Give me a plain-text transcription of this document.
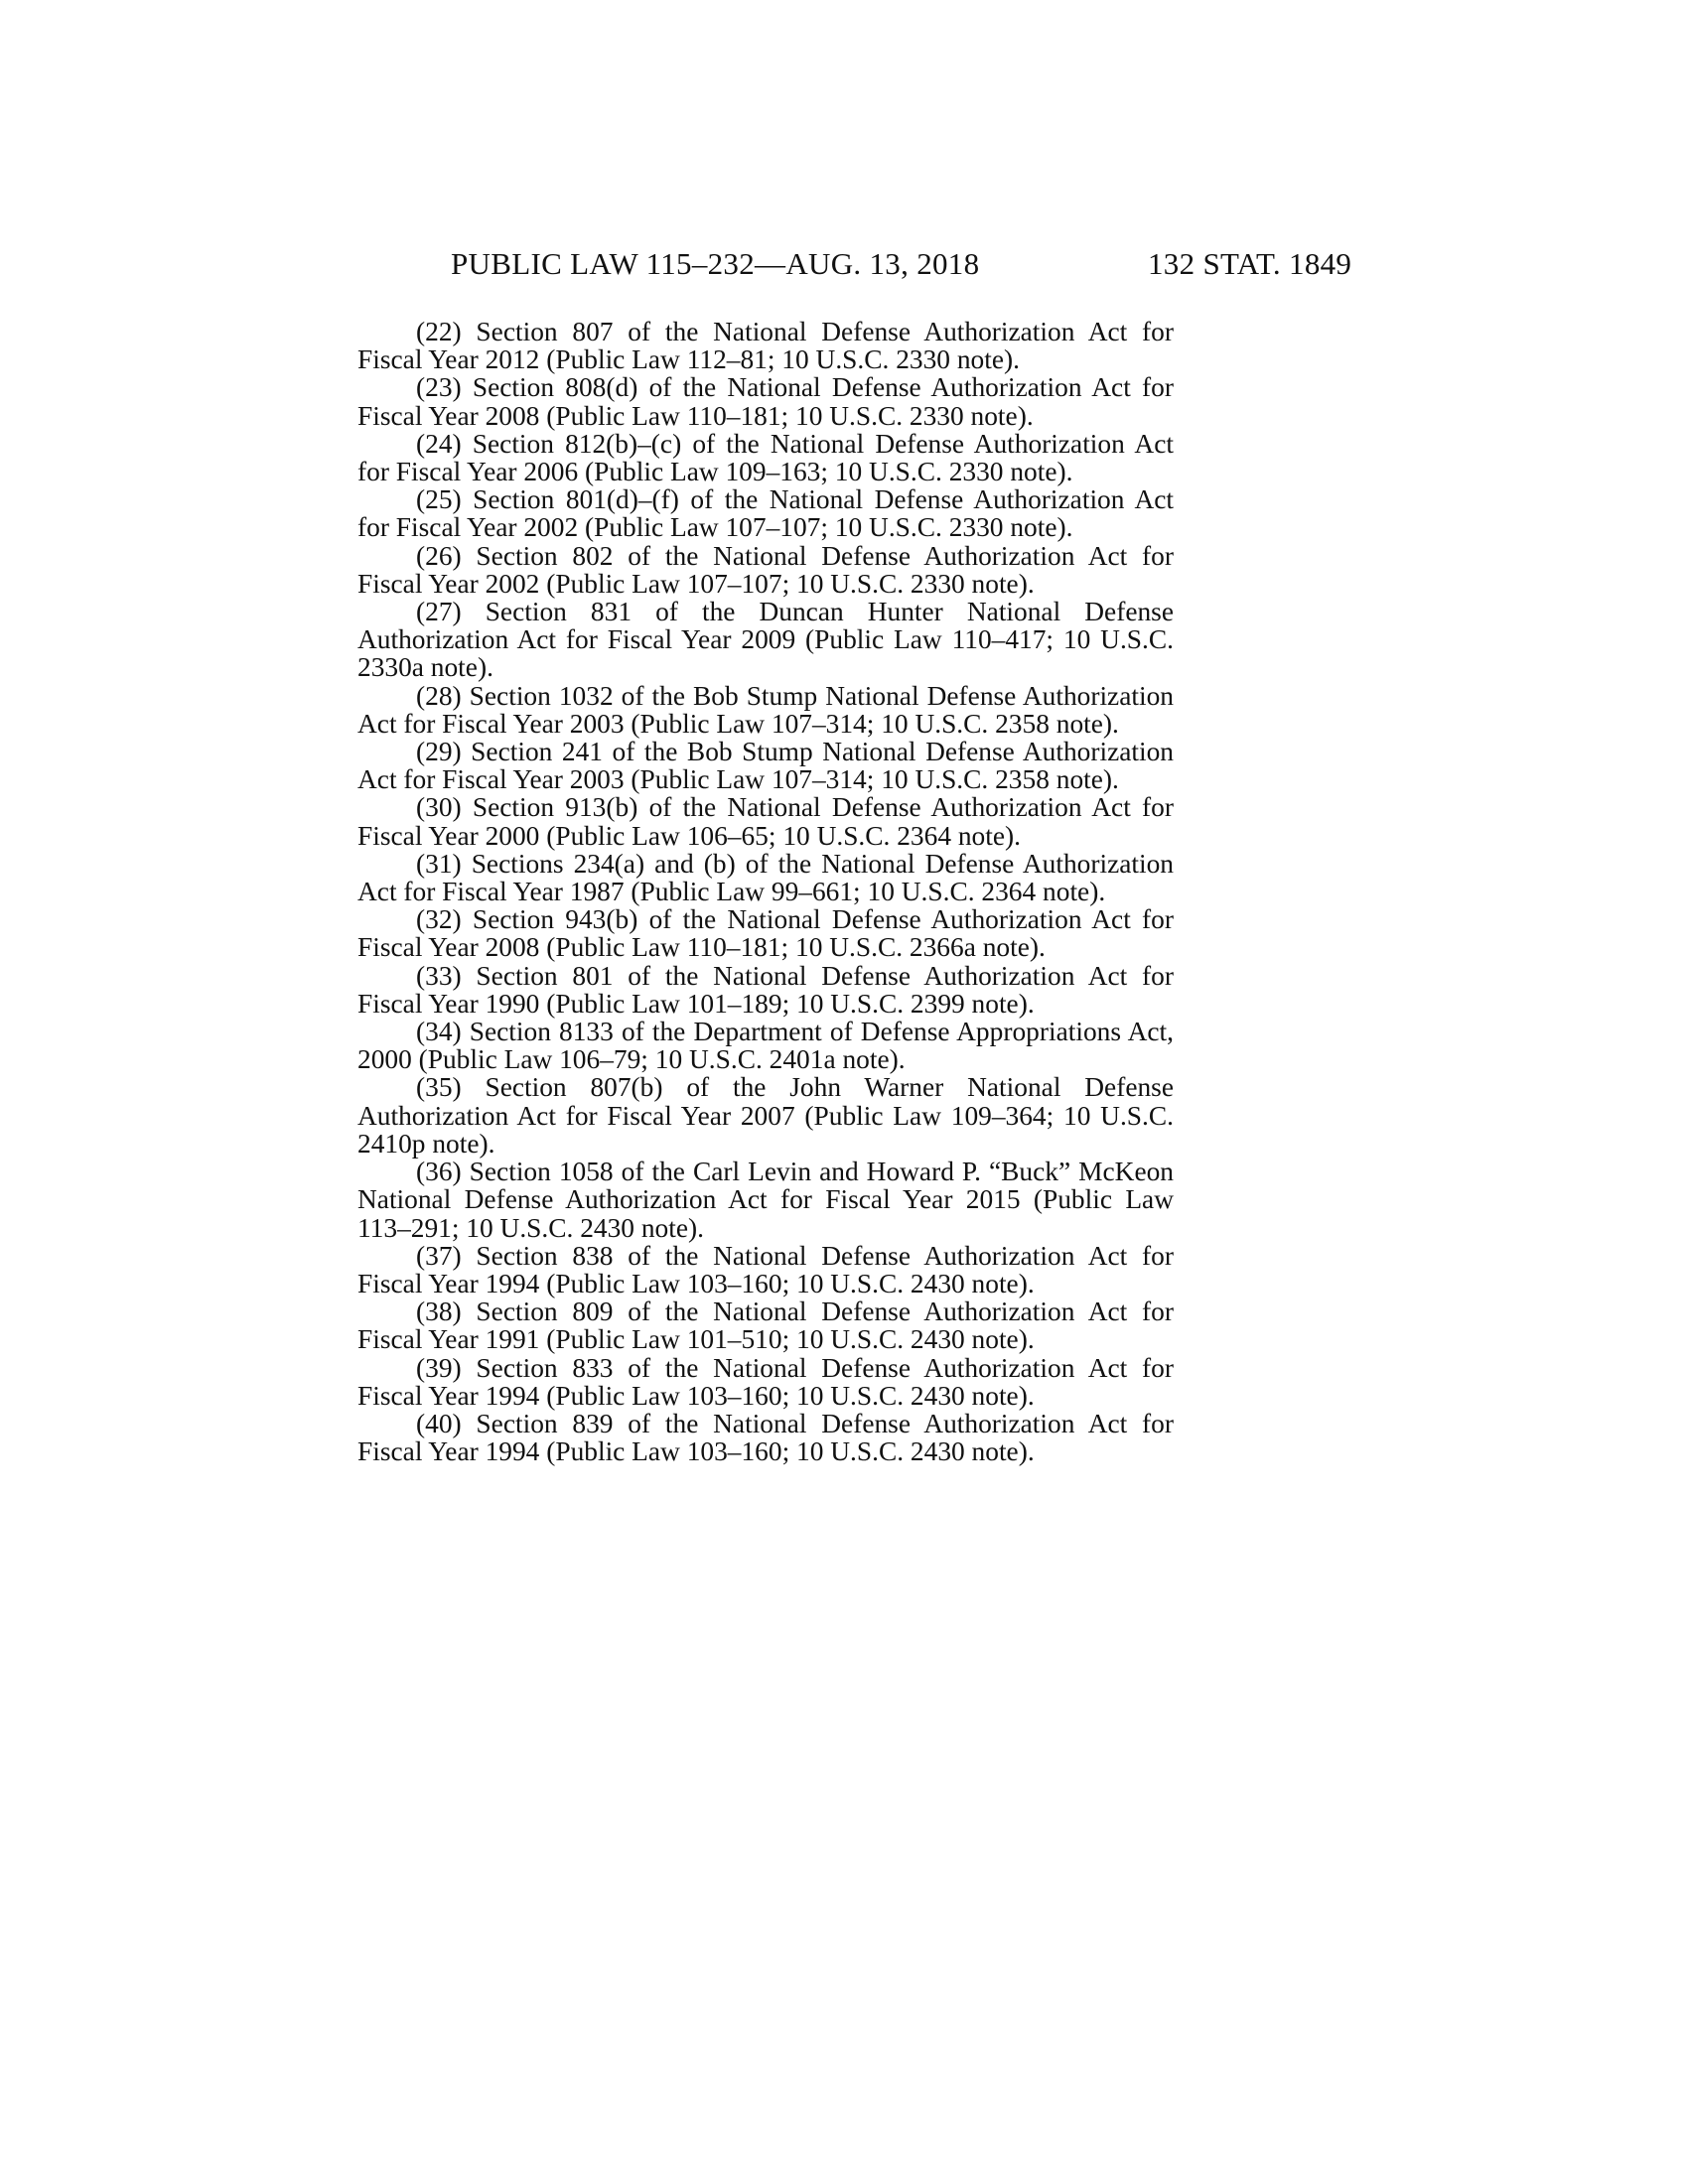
PUBLIC LAW 115–232—AUG. 13, 2018	132 STAT. 1849

(22) Section 807 of the National Defense Authorization Act for Fiscal Year 2012 (Public Law 112–81; 10 U.S.C. 2330 note).

(23) Section 808(d) of the National Defense Authorization Act for Fiscal Year 2008 (Public Law 110–181; 10 U.S.C. 2330 note).

(24) Section 812(b)–(c) of the National Defense Authorization Act for Fiscal Year 2006 (Public Law 109–163; 10 U.S.C. 2330 note).

(25) Section 801(d)–(f) of the National Defense Authorization Act for Fiscal Year 2002 (Public Law 107–107; 10 U.S.C. 2330 note).

(26) Section 802 of the National Defense Authorization Act for Fiscal Year 2002 (Public Law 107–107; 10 U.S.C. 2330 note).

(27) Section 831 of the Duncan Hunter National Defense Authorization Act for Fiscal Year 2009 (Public Law 110–417; 10 U.S.C. 2330a note).

(28) Section 1032 of the Bob Stump National Defense Authorization Act for Fiscal Year 2003 (Public Law 107–314; 10 U.S.C. 2358 note).

(29) Section 241 of the Bob Stump National Defense Authorization Act for Fiscal Year 2003 (Public Law 107–314; 10 U.S.C. 2358 note).

(30) Section 913(b) of the National Defense Authorization Act for Fiscal Year 2000 (Public Law 106–65; 10 U.S.C. 2364 note).

(31) Sections 234(a) and (b) of the National Defense Authorization Act for Fiscal Year 1987 (Public Law 99–661; 10 U.S.C. 2364 note).

(32) Section 943(b) of the National Defense Authorization Act for Fiscal Year 2008 (Public Law 110–181; 10 U.S.C. 2366a note).

(33) Section 801 of the National Defense Authorization Act for Fiscal Year 1990 (Public Law 101–189; 10 U.S.C. 2399 note).

(34) Section 8133 of the Department of Defense Appropriations Act, 2000 (Public Law 106–79; 10 U.S.C. 2401a note).

(35) Section 807(b) of the John Warner National Defense Authorization Act for Fiscal Year 2007 (Public Law 109–364; 10 U.S.C. 2410p note).

(36) Section 1058 of the Carl Levin and Howard P. “Buck” McKeon National Defense Authorization Act for Fiscal Year 2015 (Public Law 113–291; 10 U.S.C. 2430 note).

(37) Section 838 of the National Defense Authorization Act for Fiscal Year 1994 (Public Law 103–160; 10 U.S.C. 2430 note).

(38) Section 809 of the National Defense Authorization Act for Fiscal Year 1991 (Public Law 101–510; 10 U.S.C. 2430 note).

(39) Section 833 of the National Defense Authorization Act for Fiscal Year 1994 (Public Law 103–160; 10 U.S.C. 2430 note).

(40) Section 839 of the National Defense Authorization Act for Fiscal Year 1994 (Public Law 103–160; 10 U.S.C. 2430 note).
